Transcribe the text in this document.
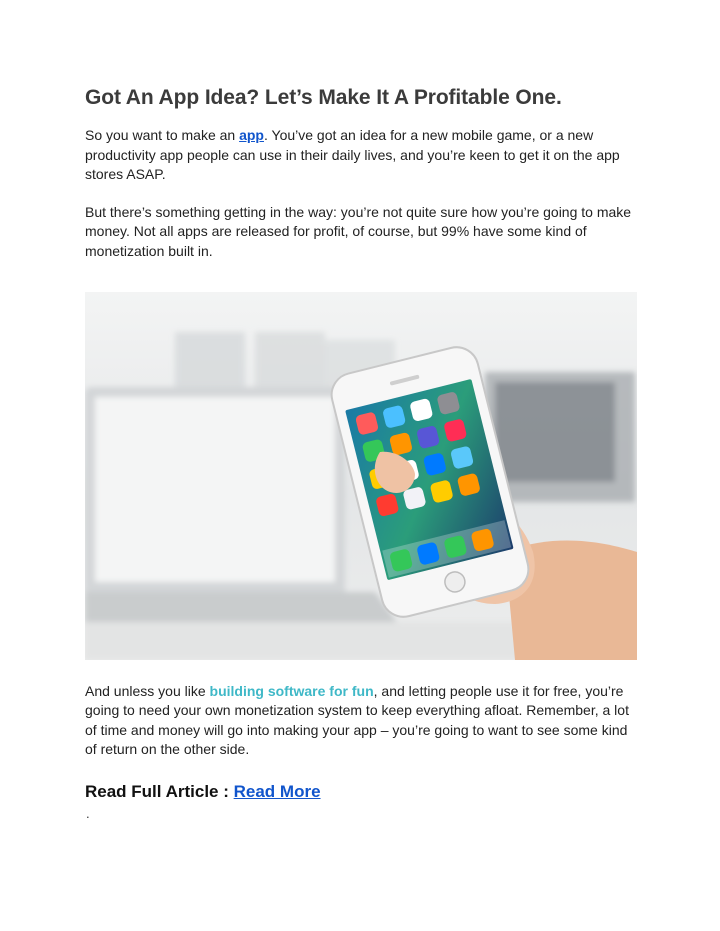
Got An App Idea? Let’s Make It A Profitable One.

So you want to make an app. You’ve got an idea for a new mobile game, or a new productivity app people can use in their daily lives, and you’re keen to get it on the app stores ASAP.

But there’s something getting in the way: you’re not quite sure how you’re going to make money. Not all apps are released for profit, of course, but 99% have some kind of monetization built in.

And unless you like building software for fun, and letting people use it for free, you’re going to need your own monetization system to keep everything afloat. Remember, a lot of time and money will go into making your app – you’re going to want to see some kind of return on the other side.

Read Full Article : Read More
.
